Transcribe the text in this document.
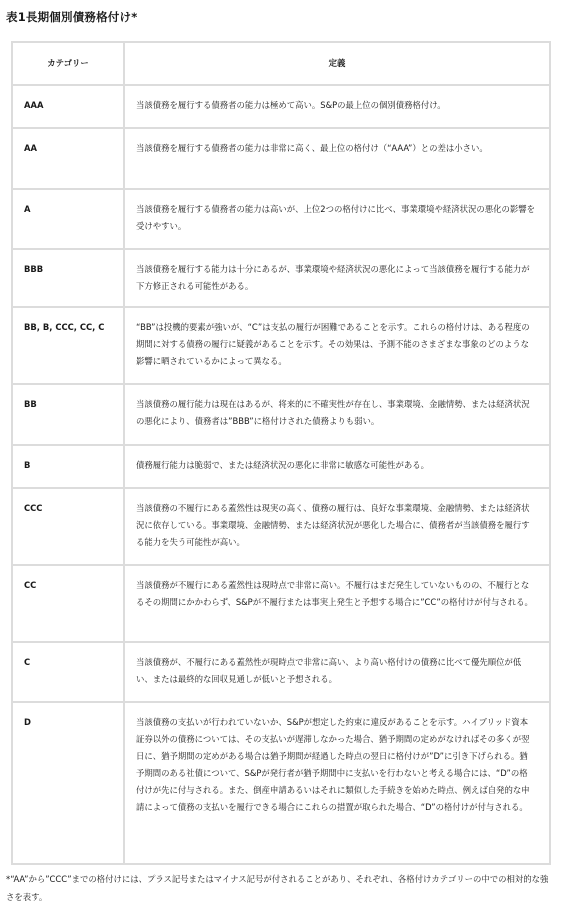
表1長期個別債務格付け*
カテゴリー	定義

AAA	当該債務を履行する債務者の能力は極めて高い。S&Pの最上位の個別債務格付け。

AA	当該債務を履行する債務者の能力は非常に高く、最上位の格付け（“AAA”）との差は小さい。

A	当該債務を履行する債務者の能力は高いが、上位2つの格付けに比べ、事業環境や経済状況の悪化の影響を受けやすい。

BBB	当該債務を履行する能力は十分にあるが、事業環境や経済状況の悪化によって当該債務を履行する能力が下方修正される可能性がある。

BB, B, CCC, CC, C	“BB”は投機的要素が強いが、“C”は支払の履行が困難であることを示す。これらの格付けは、ある程度の期間に対する債務の履行に疑義があることを示す。その効果は、予測不能のさまざまな事象のどのような影響に晒されているかによって異なる。

BB	当該債務の履行能力は現在はあるが、将来的に不確実性が存在し、事業環境、金融情勢、または経済状況の悪化により、債務者は”BBB”に格付けされた債務よりも弱い。

B	債務履行能力は脆弱で、または経済状況の悪化に非常に敏感な可能性がある。

CCC	当該債務の不履行にある蓋然性は現実の高く、債務の履行は、良好な事業環境、金融情勢、または経済状況に依存している。事業環境、金融情勢、または経済状況が悪化した場合に、債務者が当該債務を履行する能力を失う可能性が高い。

CC	当該債務が不履行にある蓋然性は現時点で非常に高い。不履行はまだ発生していないものの、不履行となるその期間にかかわらず、S&Pが不履行または事実上発生と予想する場合に”CC”の格付けが付与される。

C	当該債務が、不履行にある蓋然性が現時点で非常に高い、より高い格付けの債務に比べて優先順位が低い、または最終的な回収見通しが低いと予想される。

D	当該債務の支払いが行われていないか、S&Pが想定した約束に違反があることを示す。ハイブリッド資本証券以外の債務については、その支払いが遅滞しなかった場合、猶予期間の定めがなければその多くが翌日に、猶予期間の定めがある場合は猶予期間が経過した時点の翌日に格付けが”D”に引き下げられる。猶予期間のある社債について、S&Pが発行者が猶予期間中に支払いを行わないと考える場合には、“D”の格付けが先に付与される。また、倒産申請あるいはそれに類似した手続きを始めた時点、例えば自発的な申請によって債務の支払いを履行できる場合にこれらの措置が取られた場合、“D”の格付けが付与される。
*“AA”から”CCC”までの格付けには、プラス記号またはマイナス記号が付されることがあり、それぞれ、各格付けカテゴリーの中での相対的な強さを表す。
